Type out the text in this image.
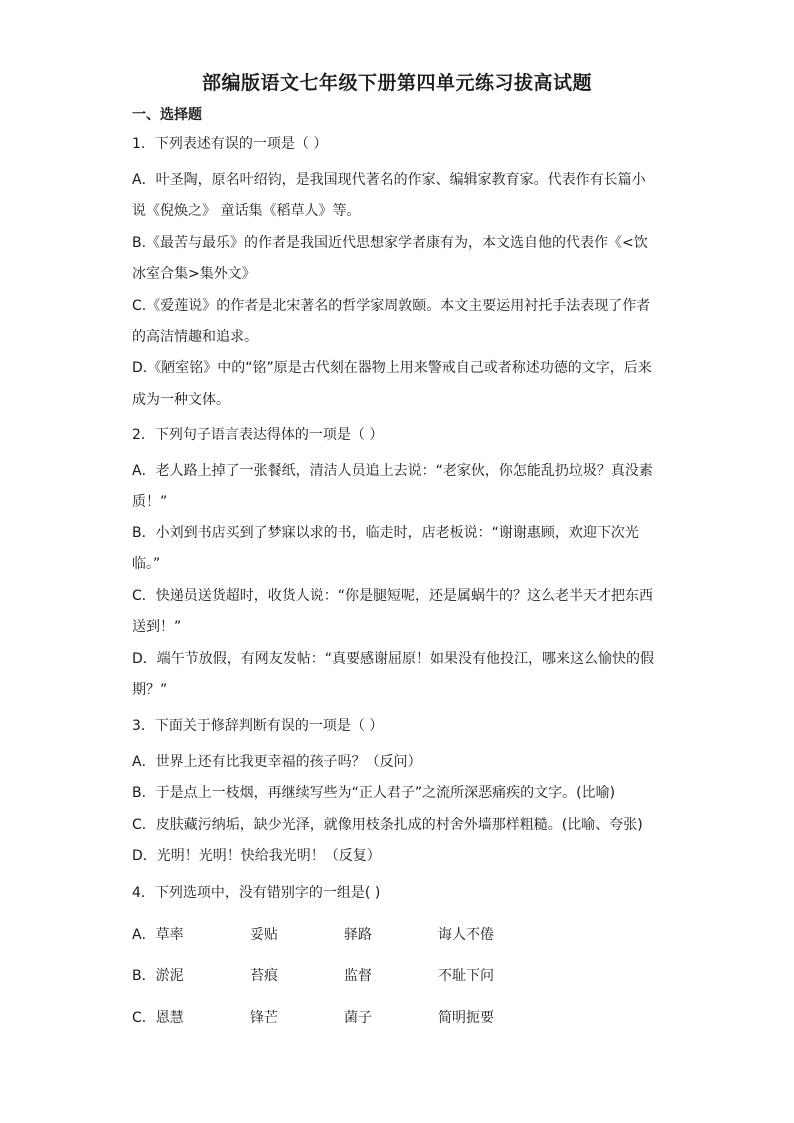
部编版语文七年级下册第四单元练习拔高试题
一、选择题
1．下列表述有误的一项是（ ）
A．叶圣陶，原名叶绍钧，是我国现代著名的作家、编辑家教育家。代表作有长篇小
说《倪焕之》 童话集《稻草人》等。
B.《最苦与最乐》的作者是我国近代思想家学者康有为，本文选自他的代表作《<饮
冰室合集>集外文》
C.《爱莲说》的作者是北宋著名的哲学家周敦颐。本文主要运用衬托手法表现了作者
的高洁情趣和追求。
D.《陋室铭》中的“铭”原是古代刻在器物上用来警戒自己或者称述功德的文字，后来
成为一种文体。
2．下列句子语言表达得体的一项是（ ）
A．老人路上掉了一张餐纸，清洁人员追上去说：“老家伙，你怎能乱扔垃圾？真没素
质！”
B．小刘到书店买到了梦寐以求的书，临走时，店老板说：“谢谢惠顾，欢迎下次光
临。”
C．快递员送货超时，收货人说：“你是腿短呢，还是属蜗牛的？这么老半天才把东西
送到！”
D．端午节放假，有网友发帖：“真要感谢屈原！如果没有他投江，哪来这么愉快的假
期？”
3．下面关于修辞判断有误的一项是（ ）
A．世界上还有比我更幸福的孩子吗？（反问）
B．于是点上一枝烟，再继续写些为“正人君子”之流所深恶痛疾的文字。(比喻)
C．皮肤藏污纳垢，缺少光泽，就像用枝条扎成的村舍外墙那样粗糙。(比喻、夸张)
D．光明！光明！快给我光明！（反复）
4．下列选项中，没有错别字的一组是( )
A．草率	妥贴	驿路	诲人不倦
B．淤泥	苔痕	监督	不耻下问
C．恩慧	锋芒	菌子	简明扼要
